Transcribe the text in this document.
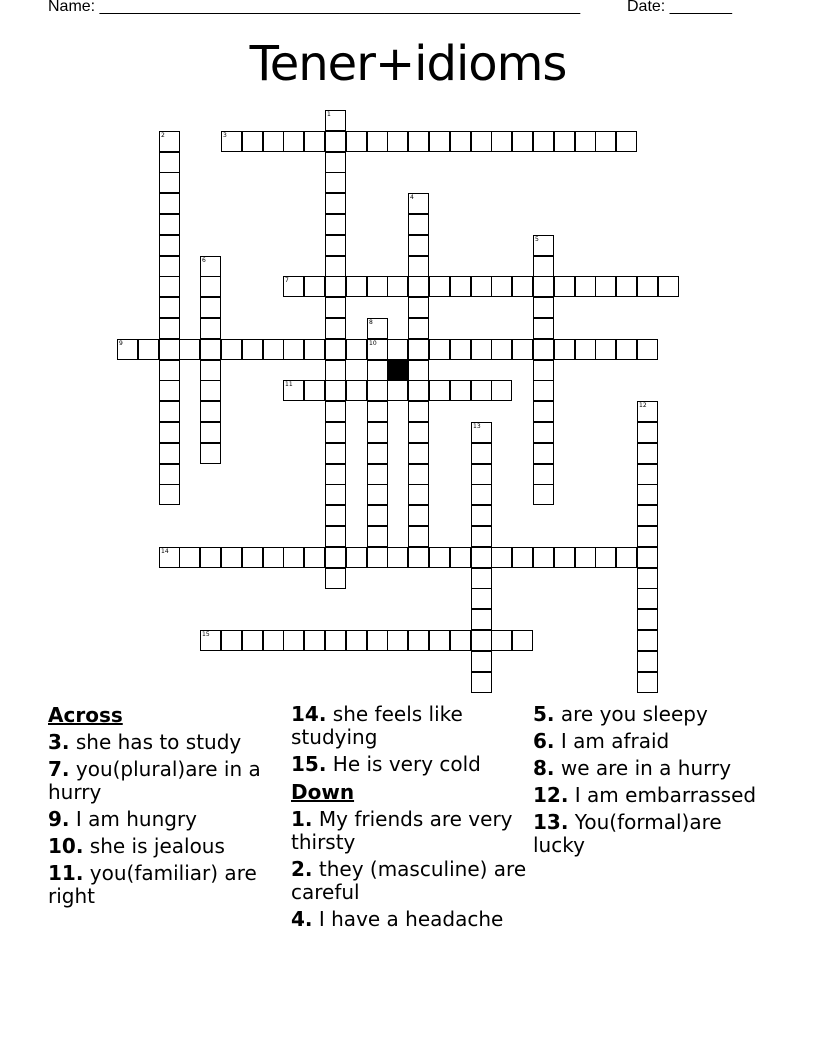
Name: ______________________________________________________	Date: _______
Tener+idioms
1
2	3
4
5
6
7
8
10
9
11
12
13
14
15
Across
3. she has to study
7. you(plural)are in a hurry
9. I am hungry
10. she is jealous
11. you(familiar) are right
14. she feels like studying
15. He is very cold
Down
1. My friends are very thirsty
2. they (masculine) are careful
4. I have a headache
5. are you sleepy
6. I am afraid
8. we are in a hurry
12. I am embarrassed
13. You(formal)are lucky
